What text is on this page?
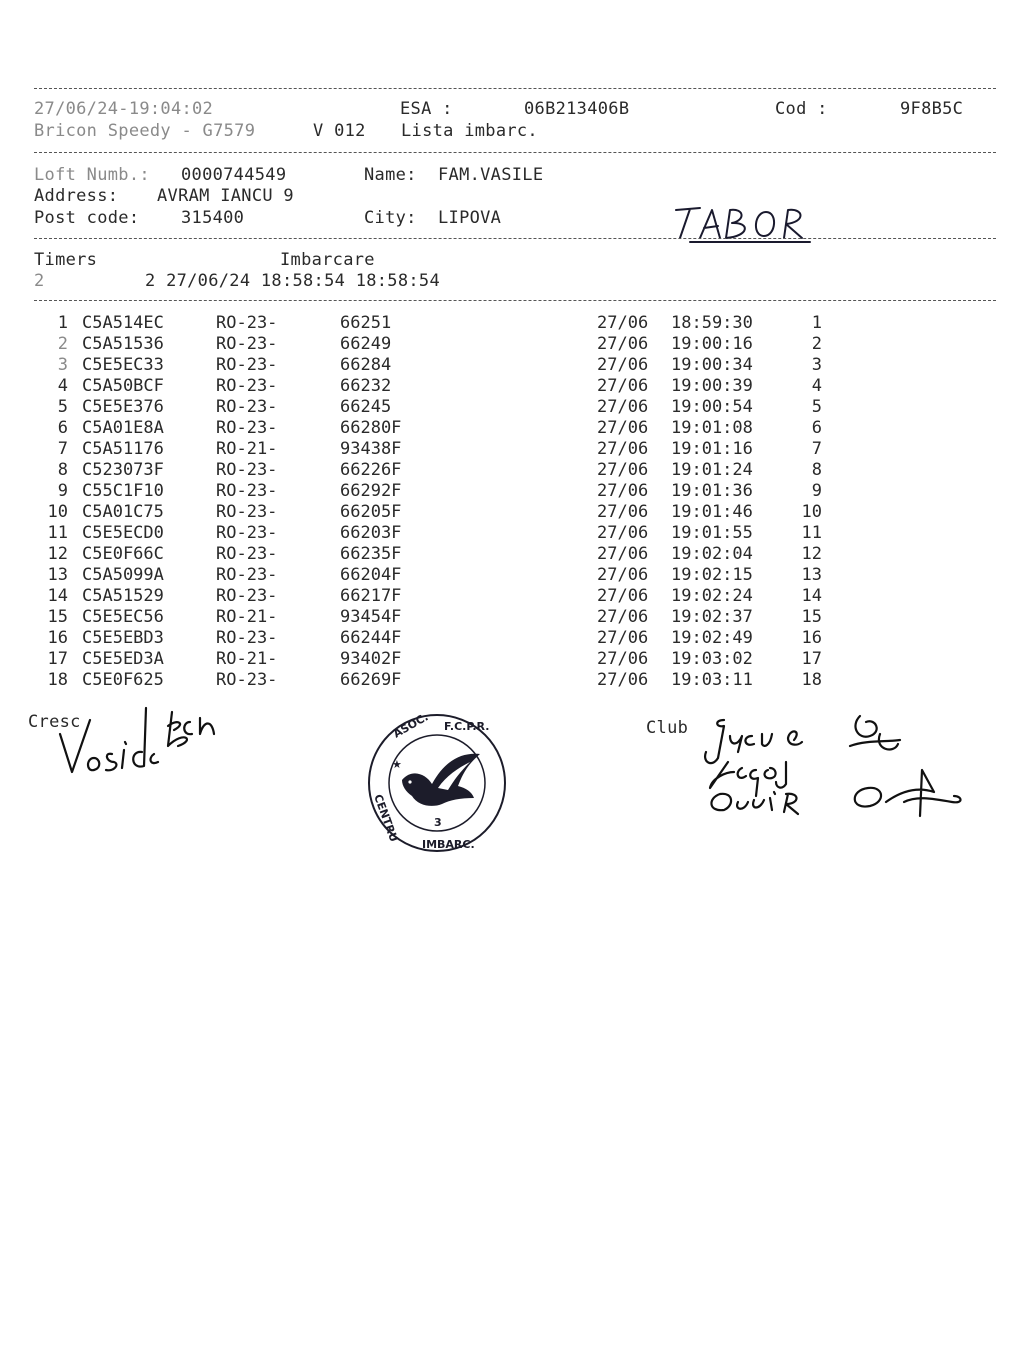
27/06/24-19:04:02	ESA :	06B213406B	Cod :	9F8B5C
Bricon Speedy - G7579	V 012 Lista imbarc.
Loft Numb.: 0000744549	Name: FAM.VASILE
Address: AVRAM IANCU 9
Post code: 315400	City: LIPOVA
Timers	Imbarcare
2	2 27/06/24 18:58:54 18:58:54
1 C5A514EC	RO-23-	66251	27/06 18:59:30	1
2 C5A51536	RO-23-	66249	27/06 19:00:16	2
3 C5E5EC33	RO-23-	66284	27/06 19:00:34	3
4 C5A50BCF	RO-23-	66232	27/06 19:00:39	4
5 C5E5E376	RO-23-	66245	27/06 19:00:54	5
6 C5A01E8A	RO-23-	66280F	27/06 19:01:08	6
7 C5A51176	RO-21-	93438F	27/06 19:01:16	7
8 C523073F	RO-23-	66226F	27/06 19:01:24	8
9 C55C1F10	RO-23-	66292F	27/06 19:01:36	9
10 C5A01C75	RO-23-	66205F	27/06 19:01:46	10
11 C5E5ECD0	RO-23-	66203F	27/06 19:01:55	11
12 C5E0F66C	RO-23-	66235F	27/06 19:02:04	12
13 C5A5099A	RO-23-	66204F	27/06 19:02:15	13
14 C5A51529	RO-23-	66217F	27/06 19:02:24	14
15 C5E5EC56	RO-21-	93454F	27/06 19:02:37	15
16 C5E5EBD3	RO-23-	66244F	27/06 19:02:49	16
17 C5E5ED3A	RO-21-	93402F	27/06 19:03:02	17
18 C5E0F625	RO-23-	66269F	27/06 19:03:11	18
Cresc	ASOC. F.C.P.R.
CENTRU
IMBARC.
★
3
Club
